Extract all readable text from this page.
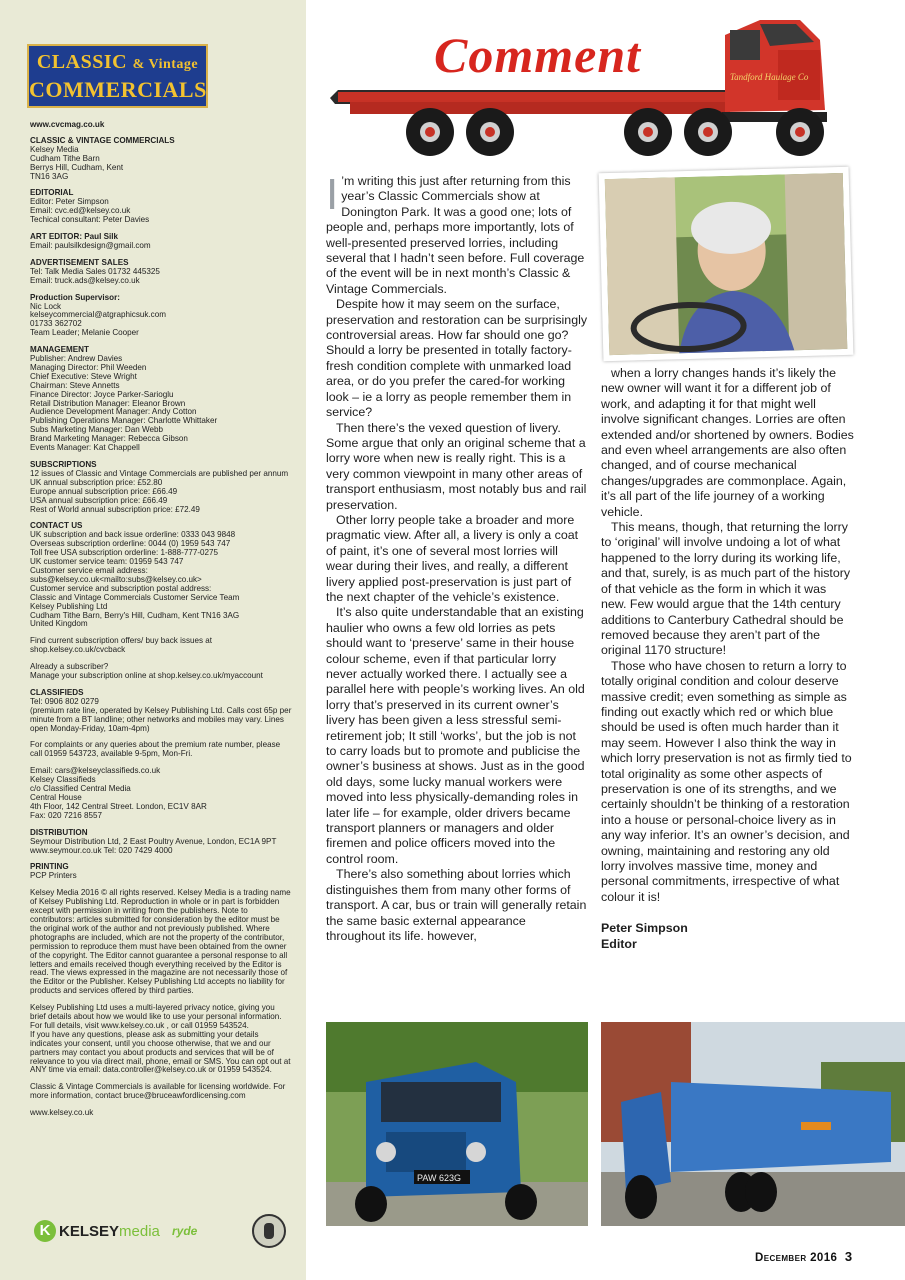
CLASSIC & Vintage
COMMERCIALS
www.cvcmag.co.uk
CLASSIC & VINTAGE COMMERCIALS
Kelsey Media
Cudham Tithe Barn
Berrys Hill, Cudham, Kent
TN16 3AG
EDITORIAL
Editor: Peter Simpson
Email: cvc.ed@kelsey.co.uk
Techical consultant: Peter Davies
ART EDITOR: Paul Silk
Email: paulsilkdesign@gmail.com
ADVERTISEMENT SALES
Tel: Talk Media Sales 01732 445325
Email: truck.ads@kelsey.co.uk
Production Supervisor:
Nic Lock
kelseycommercial@atgraphicsuk.com
01733 362702
Team Leader; Melanie Cooper
MANAGEMENT
Publisher: Andrew Davies
Managing Director: Phil Weeden
Chief Executive: Steve Wright
Chairman: Steve Annetts
Finance Director: Joyce Parker-Sarioglu
Retail Distribution Manager: Eleanor Brown
Audience Development Manager: Andy Cotton
Publishing Operations Manager: Charlotte Whittaker
Subs Marketing Manager: Dan Webb
Brand Marketing Manager: Rebecca Gibson
Events Manager: Kat Chappell
SUBSCRIPTIONS
12 issues of Classic and Vintage Commercials are published per annum
UK annual subscription price: £52.80
Europe annual subscription price: £66.49
USA annual subscription price: £66.49
Rest of World annual subscription price: £72.49
CONTACT US
UK subscription and back issue orderline: 0333 043 9848
Overseas subscription orderline: 0044 (0) 1959 543 747
Toll free USA subscription orderline: 1-888-777-0275
UK customer service team: 01959 543 747
Customer service email address: subs@kelsey.co.uk<mailto:subs@kelsey.co.uk>
Customer service and subscription postal address:
Classic and Vintage Commercials Customer Service Team
Kelsey Publishing Ltd
Cudham Tithe Barn, Berry's Hill, Cudham, Kent TN16 3AG
United Kingdom
Find current subscription offers/ buy back issues at shop.kelsey.co.uk/cvcback
Already a subscriber?
Manage your subscription online at shop.kelsey.co.uk/myaccount
CLASSIFIEDS
Tel: 0906 802 0279
(premium rate line, operated by Kelsey Publishing Ltd. Calls cost 65p per minute from a BT landline; other networks and mobiles may vary. Lines open Monday-Friday, 10am-4pm)
For complaints or any queries about the premium rate number, please call 01959 543723, available 9-5pm, Mon-Fri.
Email: cars@kelseyclassifieds.co.uk
Kelsey Classifieds
c/o Classified Central Media
Central House
4th Floor, 142 Central Street. London, EC1V 8AR
Fax: 020 7216 8557
DISTRIBUTION
Seymour Distribution Ltd, 2 East Poultry Avenue, London, EC1A 9PT
www.seymour.co.uk Tel: 020 7429 4000
PRINTING
PCP Printers
Kelsey Media 2016 © all rights reserved. Kelsey Media is a trading name of Kelsey Publishing Ltd. Reproduction in whole or in part is forbidden except with permission in writing from the publishers. Note to contributors: articles submitted for consideration by the editor must be the original work of the author and not previously published. Where photographs are included, which are not the property of the contributor, permission to reproduce them must have been obtained from the owner of the copyright. The Editor cannot guarantee a personal response to all letters and emails received though everything received by the Editor is read. The views expressed in the magazine are not necessarily those of the Editor or the Publisher. Kelsey Publishing Ltd accepts no liability for products and services offered by third parties.
Kelsey Publishing Ltd uses a multi-layered privacy notice, giving you brief details about how we would like to use your personal information. For full details, visit www.kelsey.co.uk , or call 01959 543524.
If you have any questions, please ask as submitting your details indicates your consent, until you choose otherwise, that we and our partners may contact you about products and services that will be of relevance to you via direct mail, phone, email or SMS. You can opt out at ANY time via email: data.controller@kelsey.co.uk or 01959 543524.
Classic & Vintage Commercials is available for licensing worldwide. For more information, contact bruce@bruceawfordlicensing.com
www.kelsey.co.uk
K KELSEY media ryde
Tandford Haulage Co
Comment
I ’m writing this just after returning from this year’s Classic Commercials show at Donington Park. It was a good one; lots of people and, perhaps more importantly, lots of well-presented preserved lorries, including several that I hadn’t seen before. Full coverage of the event will be in next month’s Classic & Vintage Commercials.

Despite how it may seem on the surface, preservation and restoration can be surprisingly controversial areas. How far should one go? Should a lorry be presented in totally factory-fresh condition complete with unmarked load area, or do you prefer the cared-for working look – ie a lorry as people remember them in service?

Then there’s the vexed question of livery. Some argue that only an original scheme that a lorry wore when new is really right. This is a very common viewpoint in many other areas of transport enthusiasm, most notably bus and rail preservation.

Other lorry people take a broader and more pragmatic view. After all, a livery is only a coat of paint, it’s one of several most lorries will wear during their lives, and really, a different livery applied post-preservation is just part of the next chapter of the vehicle’s existence.

It’s also quite understandable that an existing haulier who owns a few old lorries as pets should want to ‘preserve’ same in their house colour scheme, even if that particular lorry never actually worked there. I actually see a parallel here with people’s working lives. An old lorry that’s preserved in its current owner’s livery has been given a less stressful semi-retirement job; It still ‘works’, but the job is not to carry loads but to promote and publicise the owner’s business at shows. Just as in the good old days, some lucky manual workers were moved into less physically-demanding roles in later life – for example, older drivers became transport planners or managers and older firemen and police officers moved into the control room.

There’s also something about lorries which distinguishes them from many other forms of transport. A car, bus or train will generally retain the same basic external appearance throughout its life. however,

when a lorry changes hands it’s likely the new owner will want it for a different job of work, and adapting it for that might well involve significant changes. Lorries are often extended and/or shortened by owners. Bodies and even wheel arrangements are also often changed, and of course mechanical changes/upgrades are commonplace. Again, it’s all part of the life journey of a working vehicle.

This means, though, that returning the lorry to ‘original’ will involve undoing a lot of what happened to the lorry during its working life, and that, surely, is as much part of the history of that vehicle as the form in which it was new. Few would argue that the 14th century additions to Canterbury Cathedral should be removed because they aren’t part of the original 1170 structure!

Those who have chosen to return a lorry to totally original condition and colour deserve massive credit; even something as simple as finding out exactly which red or which blue should be used is often much harder than it may seem. However I also think the way in which lorry preservation is not as firmly tied to total originality as some other aspects of preservation is one of its strengths, and we certainly shouldn’t be thinking of a restoration into a house or personal-choice livery as in any way inferior. It’s an owner’s decision, and owning, maintaining and restoring any old lorry involves massive time, money and personal commitments, irrespective of what colour it is!

Peter Simpson
Editor
PAW 623G
December 2016 3
